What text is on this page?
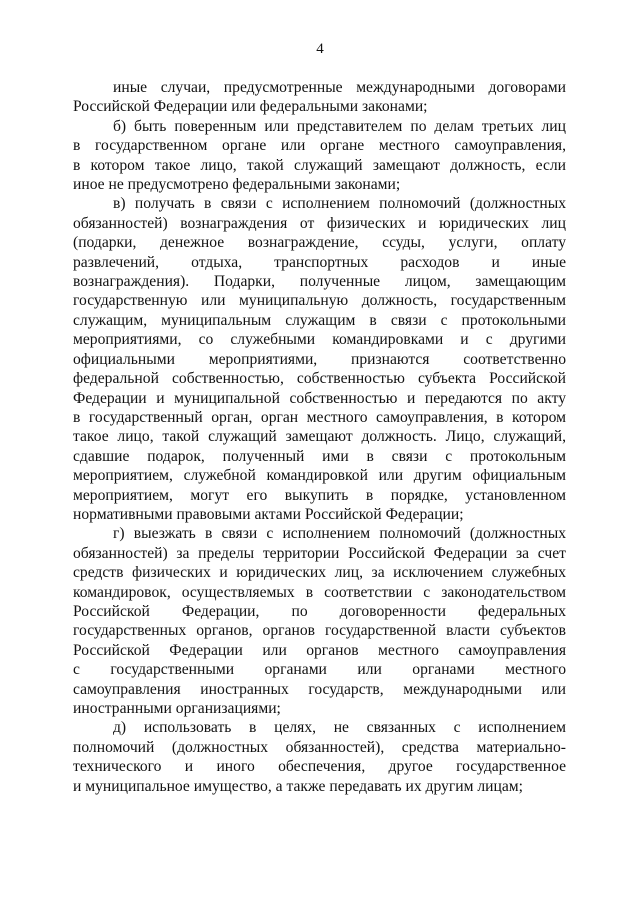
4

иные случаи, предусмотренные международными договорами
Российской Федерации или федеральными законами;

б) быть поверенным или представителем по делам третьих лиц
в государственном органе или органе местного самоуправления,
в котором такое лицо, такой служащий замещают должность, если
иное не предусмотрено федеральными законами;

в) получать в связи с исполнением полномочий (должностных
обязанностей) вознаграждения от физических и юридических лиц
(подарки, денежное вознаграждение, ссуды, услуги, оплату
развлечений, отдыха, транспортных расходов и иные
вознаграждения). Подарки, полученные лицом, замещающим
государственную или муниципальную должность, государственным
служащим, муниципальным служащим в связи с протокольными
мероприятиями, со служебными командировками и с другими
официальными мероприятиями, признаются соответственно
федеральной собственностью, собственностью субъекта Российской
Федерации и муниципальной собственностью и передаются по акту
в государственный орган, орган местного самоуправления, в котором
такое лицо, такой служащий замещают должность. Лицо, служащий,
сдавшие подарок, полученный ими в связи с протокольным
мероприятием, служебной командировкой или другим официальным
мероприятием, могут его выкупить в порядке, установленном
нормативными правовыми актами Российской Федерации;

г) выезжать в связи с исполнением полномочий (должностных
обязанностей) за пределы территории Российской Федерации за счет
средств физических и юридических лиц, за исключением служебных
командировок, осуществляемых в соответствии с законодательством
Российской Федерации, по договоренности федеральных
государственных органов, органов государственной власти субъектов
Российской Федерации или органов местного самоуправления
с государственными органами или органами местного
самоуправления иностранных государств, международными или
иностранными организациями;

д) использовать в целях, не связанных с исполнением
полномочий (должностных обязанностей), средства материально-
технического и иного обеспечения, другое государственное
и муниципальное имущество, а также передавать их другим лицам;
